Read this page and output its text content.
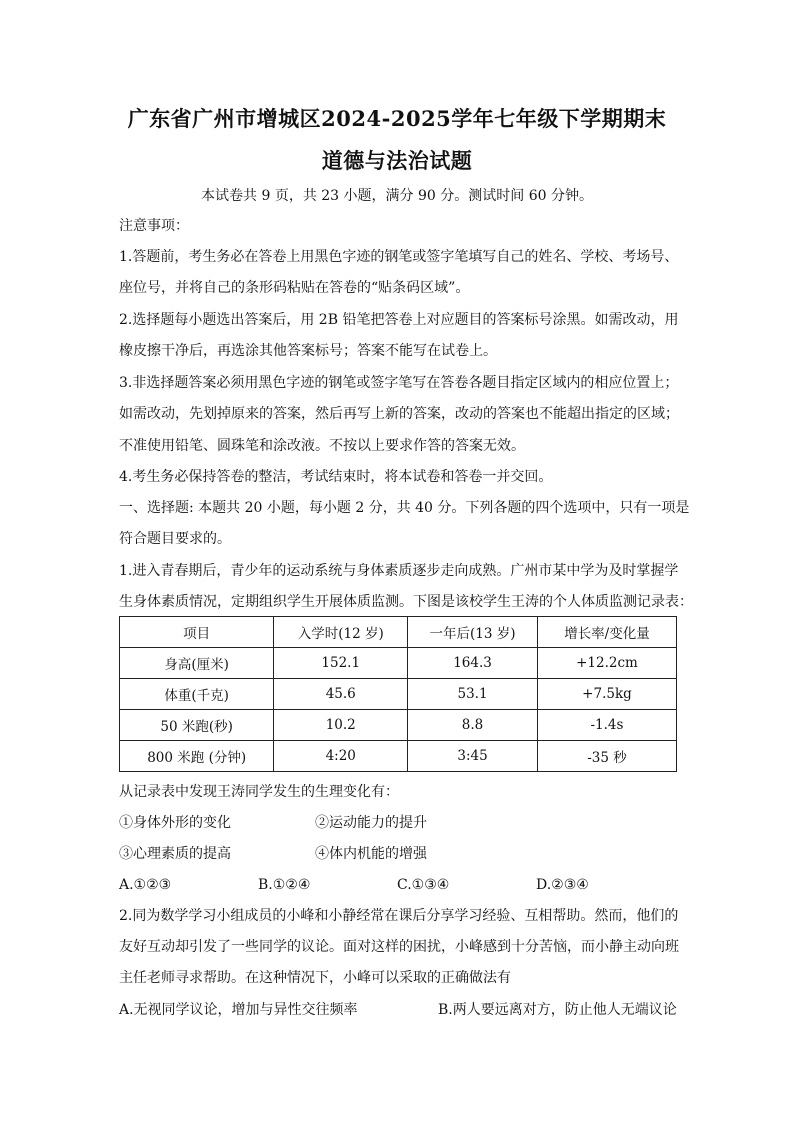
广东省广州市增城区2024-2025学年七年级下学期期末
道德与法治试题
本试卷共 9 页，共 23 小题，满分 90 分。测试时间 60 分钟。
注意事项：
1.答题前，考生务必在答卷上用黑色字迹的钢笔或签字笔填写自己的姓名、学校、考场号、
座位号，并将自己的条形码粘贴在答卷的“贴条码区域”。
2.选择题每小题选出答案后，用 2B 铅笔把答卷上对应题目的答案标号涂黑。如需改动，用
橡皮擦干净后，再选涂其他答案标号；答案不能写在试卷上。
3.非选择题答案必须用黑色字迹的钢笔或签字笔写在答卷各题目指定区域内的相应位置上；
如需改动，先划掉原来的答案，然后再写上新的答案，改动的答案也不能超出指定的区域；
不准使用铅笔、圆珠笔和涂改液。不按以上要求作答的答案无效。
4.考生务必保持答卷的整洁，考试结束时，将本试卷和答卷一并交回。
一、选择题: 本题共 20 小题，每小题 2 分，共 40 分。下列各题的四个选项中，只有一项是
符合题目要求的。
1.进入青春期后，青少年的运动系统与身体素质逐步走向成熟。广州市某中学为及时掌握学
生身体素质情况，定期组织学生开展体质监测。下图是该校学生王涛的个人体质监测记录表：
项目	入学时(12 岁)	一年后(13 岁)	增长率/变化量
身高(厘米)	152.1	164.3	+12.2cm
体重(千克)	45.6	53.1	+7.5kg
50 米跑(秒)	10.2	8.8	-1.4s
800 米跑 (分钟)	4:20	3:45	-35 秒
从记录表中发现王涛同学发生的生理变化有：
①身体外形的变化	②运动能力的提升
③心理素质的提高	④体内机能的增强
A.①②③	B.①②④	C.①③④	D.②③④
2.同为数学学习小组成员的小峰和小静经常在课后分享学习经验、互相帮助。然而，他们的
友好互动却引发了一些同学的议论。面对这样的困扰，小峰感到十分苦恼，而小静主动向班
主任老师寻求帮助。在这种情况下，小峰可以采取的正确做法有
A.无视同学议论，增加与异性交往频率	B.两人要远离对方，防止他人无端议论
